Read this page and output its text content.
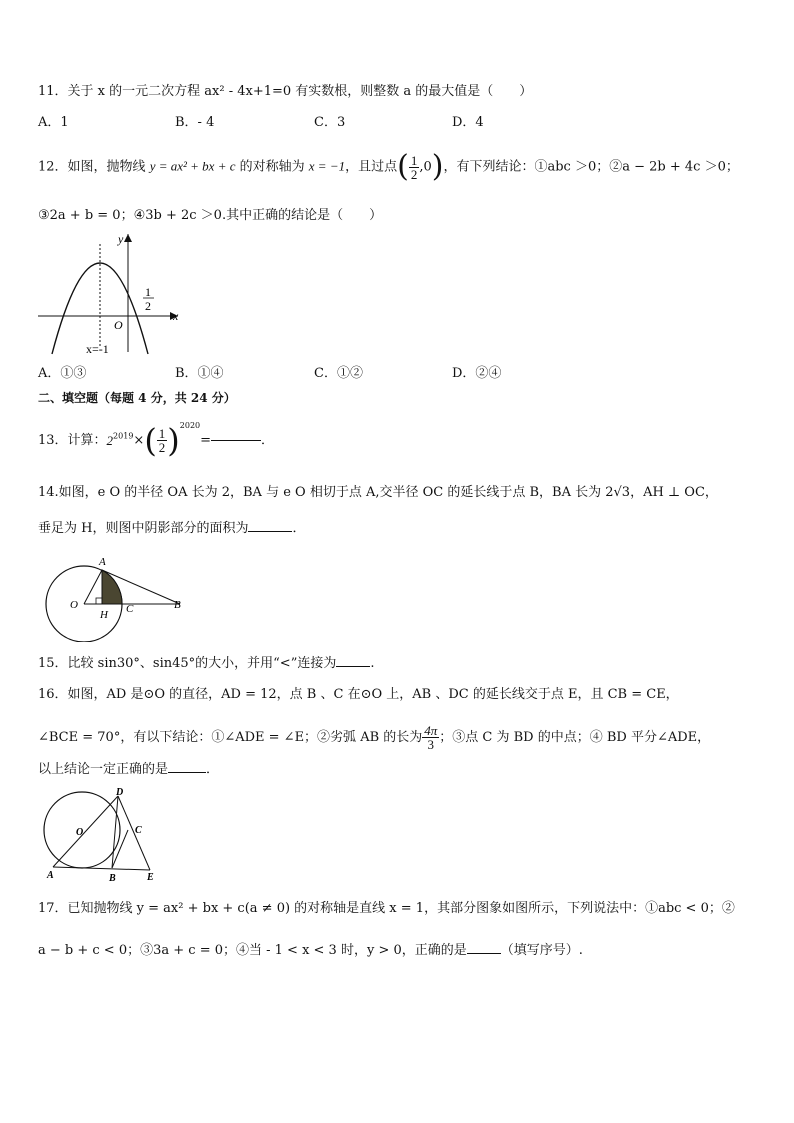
11．关于 x 的一元二次方程 ax² - 4x+1=0 有实数根，则整数 a 的最大值是（　　）
A．1	B．- 4	C．3	D．4
12．如图，抛物线 y = ax² + bx + c 的对称轴为 x = −1，且过点( $\frac{1}{2} ,0$)，有下列结论：①abc ＞0；②a − 2b + 4c ＞0；
③2a + b = 0；④3b + 2c ＞0.其中正确的结论是（　　）
y
x
O
1
2
x=-1
A．①③	B．①④	C．①②	D．②④
二、填空题（每题 4 分，共 24 分）
13．计算：$2^{2019}\times( \frac{1}{2} )^{2020}=$	．
14.如图，e O 的半径 OA 长为 2，BA 与 e O 相切于点 A,交半径 OC 的延长线于点 B，BA 长为 2√3，AH ⊥ OC，
垂足为 H，则图中阴影部分的面积为	．
A
O
H C	B
15．比较 sin30°、sin45°的大小，并用“<”连接为	.
16．如图，AD 是⊙O 的直径，AD = 12，点 B 、C 在⊙O 上，AB 、DC 的延长线交于点 E，且 CB = CE，
∠BCE = 70°，有以下结论：①∠ADE = ∠E；②劣弧 AB 的长为 $\frac{4\pi}{3}$ ；③点 C 为 BD 的中点；④ BD 平分∠ADE，
以上结论一定正确的是	．
D
O	C
A	B	E
17．已知抛物线 y = ax² + bx + c(a ≠ 0) 的对称轴是直线 x = 1，其部分图象如图所示，下列说法中：①abc < 0；②
a − b + c < 0；③3a + c = 0；④当 - 1 < x < 3 时，y > 0，正确的是	（填写序号）.
